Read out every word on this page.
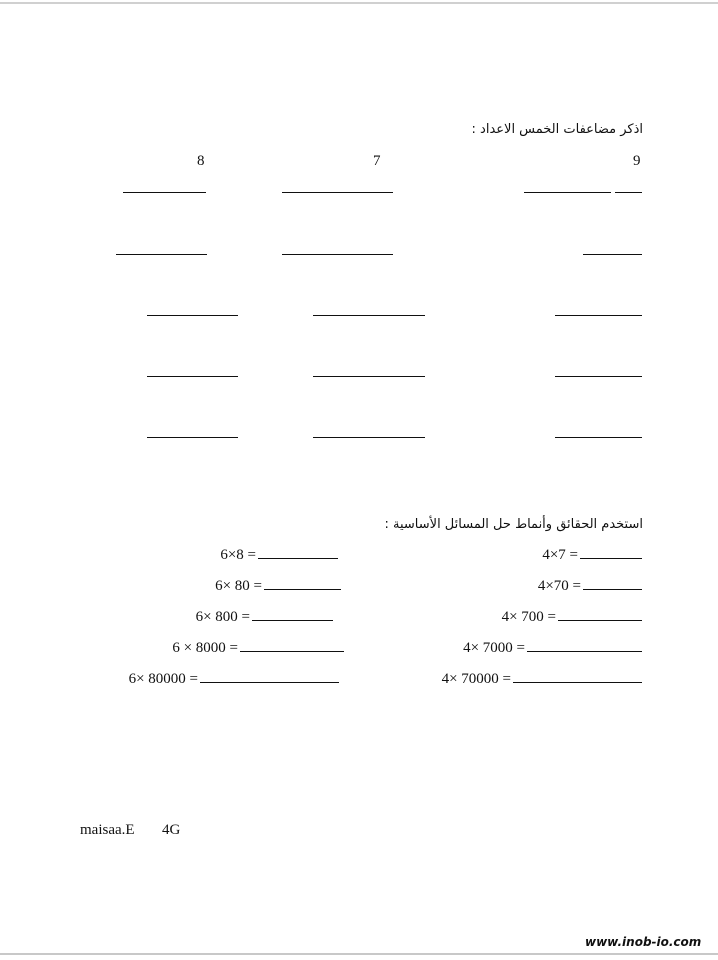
اذكر مضاعفات الخمس الاعداد :
9
7
8
استخدم الحقائق وأنماط حل المسائل الأساسية :
4×7 =
4×70 =
4× 700 =
4× 7000 =
4× 70000 =
6×8 =
6× 80 =
6× 800 =
6 × 8000 =
6× 80000 =
maisaa.E 4G
www.inob-io.com
